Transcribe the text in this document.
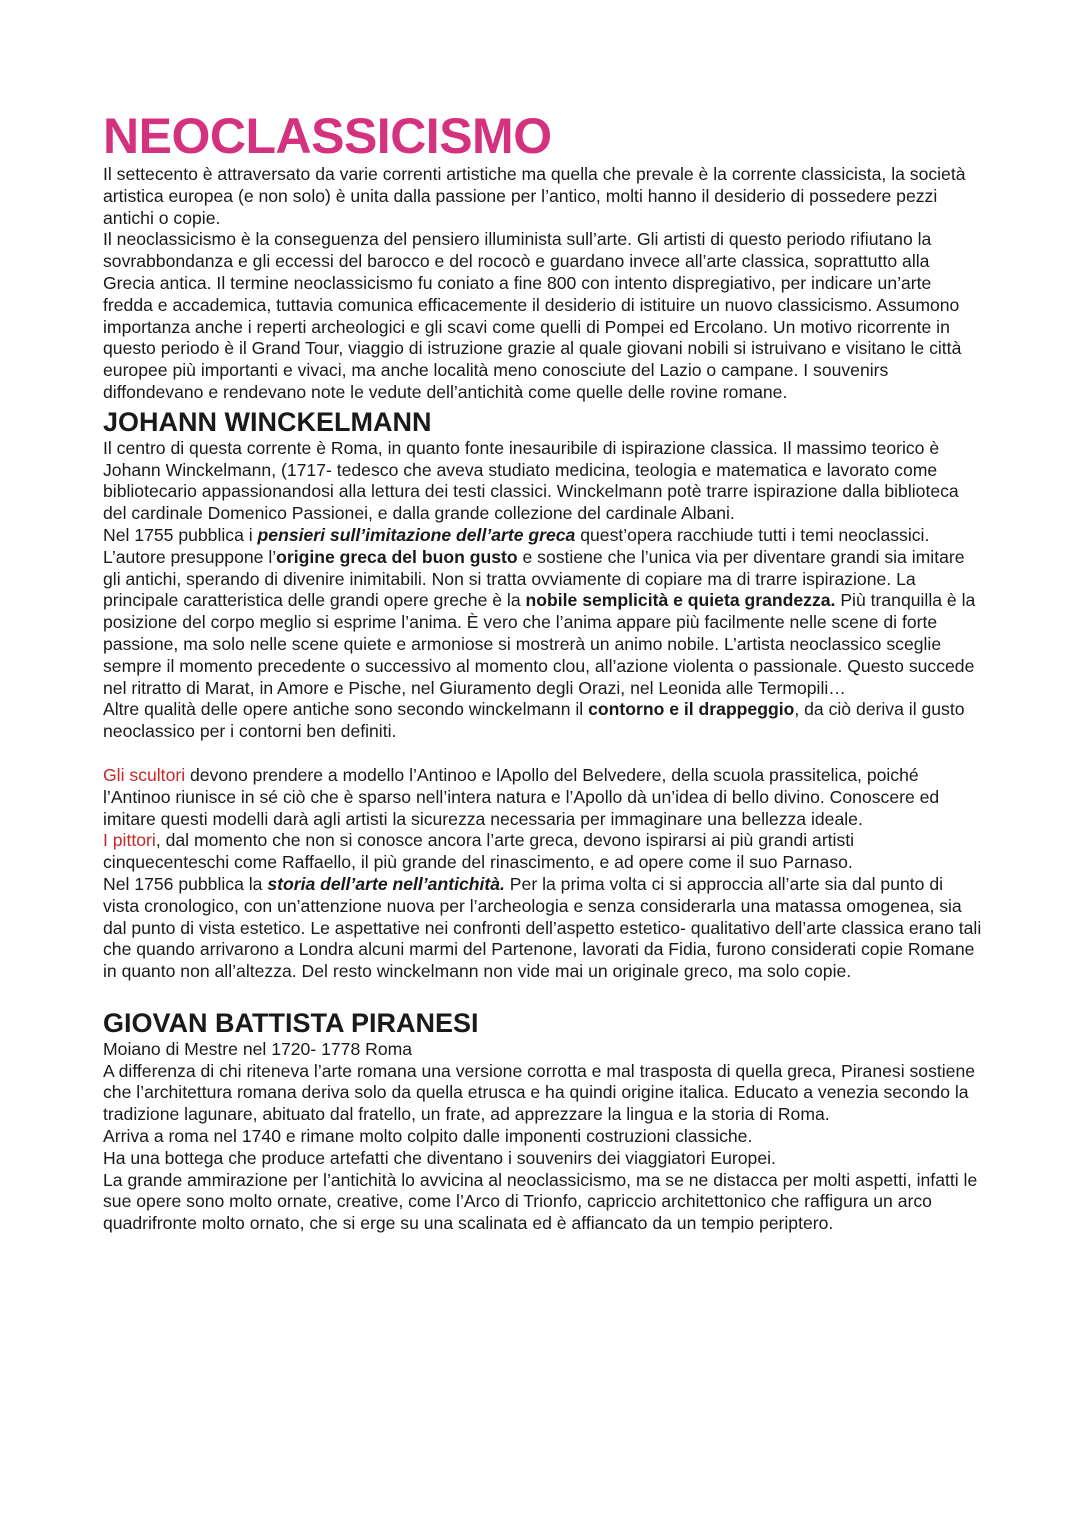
NEOCLASSICISMO

Il settecento è attraversato da varie correnti artistiche ma quella che prevale è la corrente classicista, la società artistica europea (e non solo) è unita dalla passione per l’antico, molti hanno il desiderio di possedere pezzi antichi o copie.

Il neoclassicismo è la conseguenza del pensiero illuminista sull’arte. Gli artisti di questo periodo rifiutano la sovrabbondanza e gli eccessi del barocco e del rococò e guardano invece all’arte classica, soprattutto alla Grecia antica. Il termine neoclassicismo fu coniato a fine 800 con intento dispregiativo, per indicare un’arte fredda e accademica, tuttavia comunica efficacemente il desiderio di istituire un nuovo classicismo. Assumono importanza anche i reperti archeologici e gli scavi come quelli di Pompei ed Ercolano. Un motivo ricorrente in questo periodo è il Grand Tour, viaggio di istruzione grazie al quale giovani nobili si istruivano e visitano le città europee più importanti e vivaci, ma anche località meno conosciute del Lazio o campane. I souvenirs diffondevano e rendevano note le vedute dell’antichità come quelle delle rovine romane.

JOHANN WINCKELMANN

Il centro di questa corrente è Roma, in quanto fonte inesauribile di ispirazione classica. Il massimo teorico è Johann Winckelmann, (1717- tedesco che aveva studiato medicina, teologia e matematica e lavorato come bibliotecario appassionandosi alla lettura dei testi classici. Winckelmann potè trarre ispirazione dalla biblioteca del cardinale Domenico Passionei, e dalla grande collezione del cardinale Albani.

Nel 1755 pubblica i pensieri sull’imitazione dell’arte greca quest’opera racchiude tutti i temi neoclassici. L’autore presuppone l’origine greca del buon gusto e sostiene che l’unica via per diventare grandi sia imitare gli antichi, sperando di divenire inimitabili. Non si tratta ovviamente di copiare ma di trarre ispirazione. La principale caratteristica delle grandi opere greche è la nobile semplicità e quieta grandezza. Più tranquilla è la posizione del corpo meglio si esprime l’anima. È vero che l’anima appare più facilmente nelle scene di forte passione, ma solo nelle scene quiete e armoniose si mostrerà un animo nobile. L’artista neoclassico sceglie sempre il momento precedente o successivo al momento clou, all’azione violenta o passionale. Questo succede nel ritratto di Marat, in Amore e Pische, nel Giuramento degli Orazi, nel Leonida alle Termopili…

Altre qualità delle opere antiche sono secondo winckelmann il contorno e il drappeggio, da ciò deriva il gusto neoclassico per i contorni ben definiti.

Gli scultori devono prendere a modello l’Antinoo e lApollo del Belvedere, della scuola prassitelica, poiché l’Antinoo riunisce in sé ciò che è sparso nell’intera natura e l’Apollo dà un’idea di bello divino. Conoscere ed imitare questi modelli darà agli artisti la sicurezza necessaria per immaginare una bellezza ideale.

I pittori, dal momento che non si conosce ancora l’arte greca, devono ispirarsi ai più grandi artisti cinquecenteschi come Raffaello, il più grande del rinascimento, e ad opere come il suo Parnaso.

Nel 1756 pubblica la storia dell’arte nell’antichità. Per la prima volta ci si approccia all’arte sia dal punto di vista cronologico, con un’attenzione nuova per l’archeologia e senza considerarla una matassa omogenea, sia dal punto di vista estetico. Le aspettative nei confronti dell’aspetto estetico- qualitativo dell’arte classica erano tali che quando arrivarono a Londra alcuni marmi del Partenone, lavorati da Fidia, furono considerati copie Romane in quanto non all’altezza. Del resto winckelmann non vide mai un originale greco, ma solo copie.

GIOVAN BATTISTA PIRANESI

Moiano di Mestre nel 1720- 1778 Roma

A differenza di chi riteneva l’arte romana una versione corrotta e mal trasposta di quella greca, Piranesi sostiene che l’architettura romana deriva solo da quella etrusca e ha quindi origine italica. Educato a venezia secondo la tradizione lagunare, abituato dal fratello, un frate, ad apprezzare la lingua e la storia di Roma.

Arriva a roma nel 1740 e rimane molto colpito dalle imponenti costruzioni classiche.

Ha una bottega che produce artefatti che diventano i souvenirs dei viaggiatori Europei.

La grande ammirazione per l’antichità lo avvicina al neoclassicismo, ma se ne distacca per molti aspetti, infatti le sue opere sono molto ornate, creative, come l’Arco di Trionfo, capriccio architettonico che raffigura un arco quadrifronte molto ornato, che si erge su una scalinata ed è affiancato da un tempio periptero.
